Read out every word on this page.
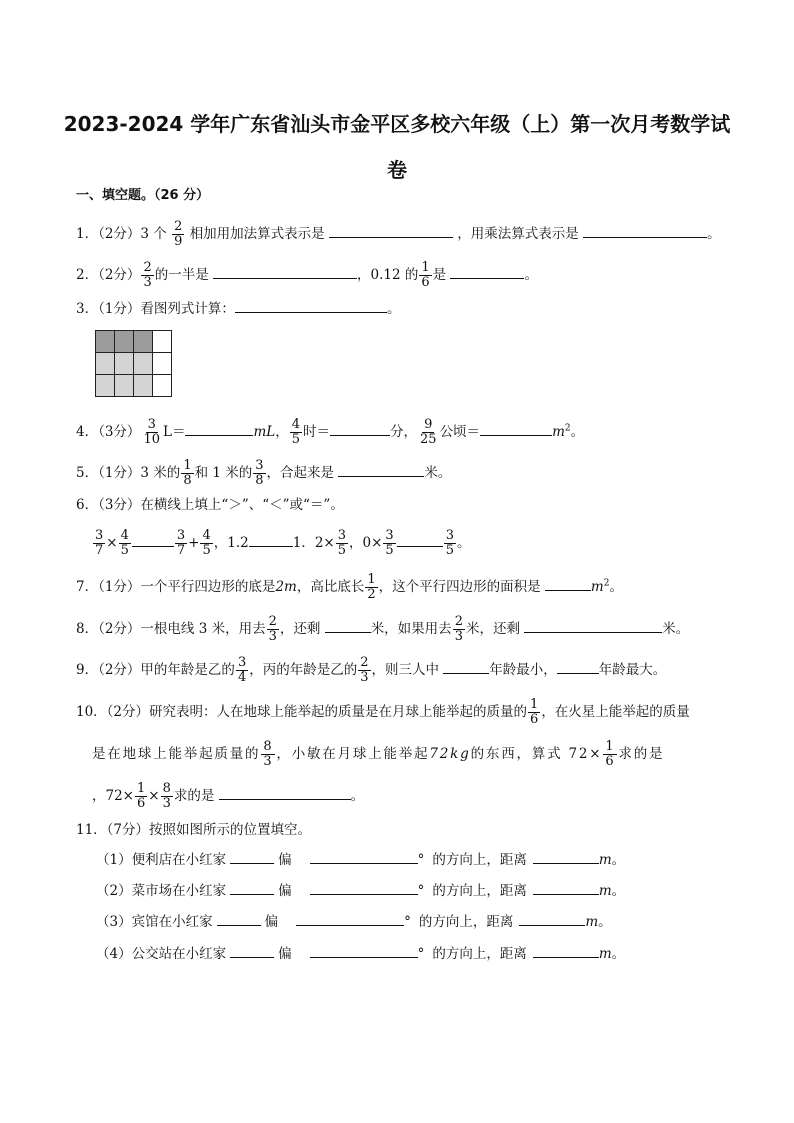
2023-2024 学年广东省汕头市金平区多校六年级（上）第一次月考数学试卷
一、填空题。（26 分）
1．（2分）3 个 $\frac{2}{9}$ 相加用加法算式表示是	，用乘法算式表示是	。
2．（2分） $\frac{2}{3}$ 的一半是	，0.12 的 $\frac{1}{6}$ 是	。
3．（1分）看图列式计算：	。

4．（3分） $\frac{3}{10} L=$	mL， $\frac{4}{5}$ 时＝	分， $\frac{9}{25}$ 公顷＝	$m^2$。
5．（1分）3 米的 $\frac{1}{8}$ 和 1 米的 $\frac{3}{8}$ ，合起来是	米。
6．（3分）在横线上填上“＞”、“＜”或“＝”。
$\frac{3}{7} \times \frac{4}{5}$	$\frac{3}{7} + \frac{4}{5}$ ，1.2	1．$2\times \frac{3}{5}$ ，$0\times \frac{3}{5}$	$\frac{3}{5}$ 。
7．（1分）一个平行四边形的底是2m，高比底长 $\frac{1}{2}$ ，这个平行四边形的面积是	$m^2$。
8．（2分）一根电线 3 米，用去 $\frac{2}{3}$ ，还剩	米，如果用去 $\frac{2}{3}$ 米，还剩	米。
9．（2分）甲的年龄是乙的 $\frac{3}{4}$ ，丙的年龄是乙的 $\frac{2}{3}$ ，则三人中	年龄最小，	年龄最大。
10．（2分）研究表明：人在地球上能举起的质量是在月球上能举起的质量的 $\frac{1}{6}$ ，在火星上能举起的质量
是在地球上能举起质量的 $\frac{8}{3}$ ，小敏在月球上能举起72kg的东西，算式 $72\times \frac{1}{6}$ 求的是
，$72\times \frac{1}{6} \times \frac{8}{3}$ 求的是	。
11．（7分）按照如图所示的位置填空。
（1）便利店在小红家	偏	° 的方向上，距离	m。
（2）菜市场在小红家	偏	° 的方向上，距离	m。
（3）宾馆在小红家	偏	° 的方向上，距离	m。
（4）公交站在小红家	偏	° 的方向上，距离	m。
